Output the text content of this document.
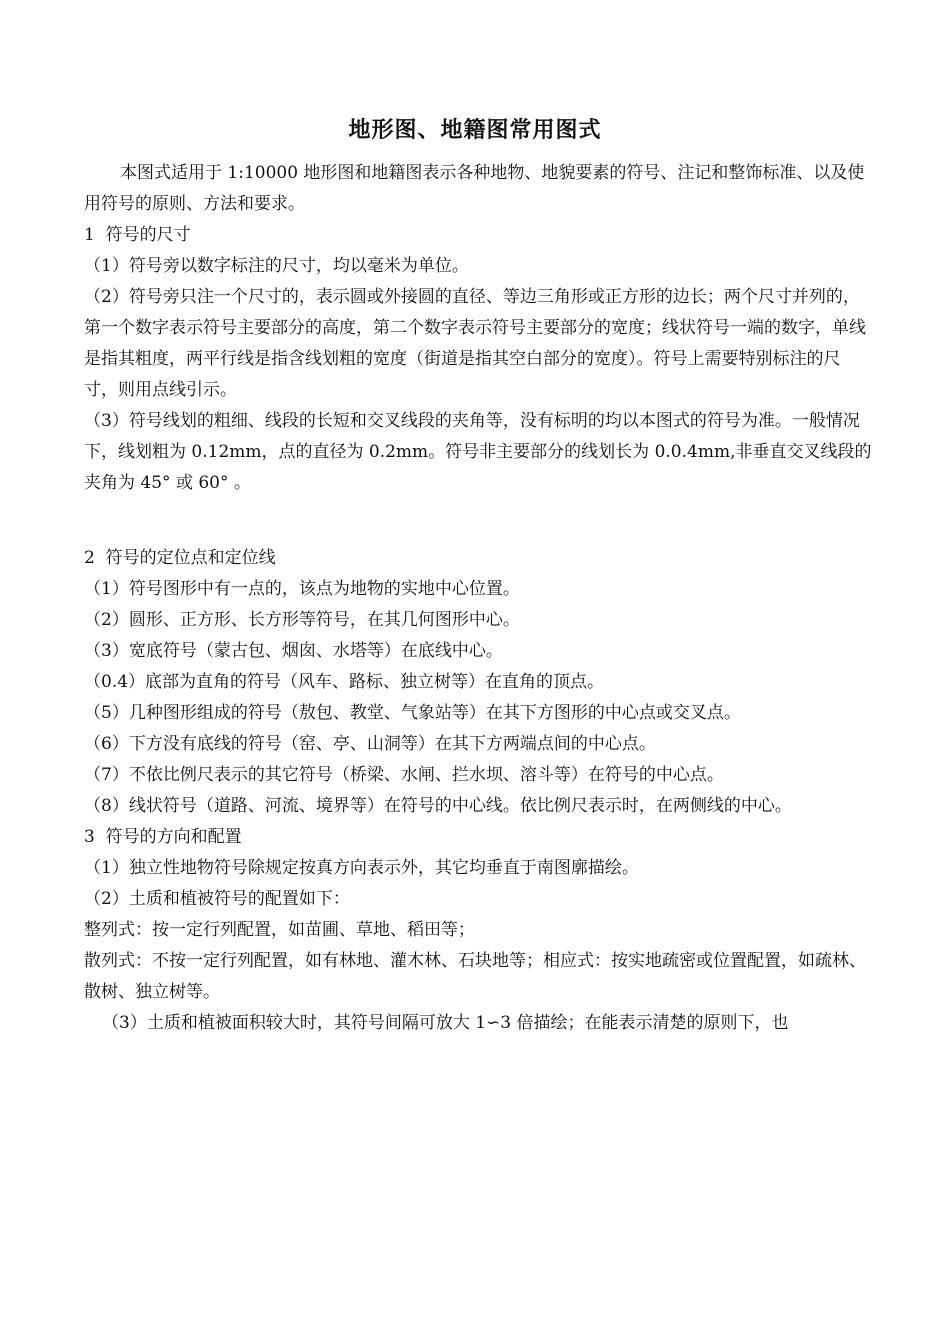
地形图、地籍图常用图式

本图式适用于 1:10000 地形图和地籍图表示各种地物、地貌要素的符号、注记和整饰标准、以及使用符号的原则、方法和要求。

1  符号的尺寸

（1）符号旁以数字标注的尺寸，均以毫米为单位。

（2）符号旁只注一个尺寸的，表示圆或外接圆的直径、等边三角形或正方形的边长；两个尺寸并列的，第一个数字表示符号主要部分的高度，第二个数字表示符号主要部分的宽度；线状符号一端的数字，单线是指其粗度，两平行线是指含线划粗的宽度（街道是指其空白部分的宽度）。符号上需要特别标注的尺寸，则用点线引示。

（3）符号线划的粗细、线段的长短和交叉线段的夹角等，没有标明的均以本图式的符号为准。一般情况下，线划粗为 0.12mm，点的直径为 0.2mm。符号非主要部分的线划长为 0.0.4mm,非垂直交叉线段的夹角为 45° 或 60° 。

2  符号的定位点和定位线

（1）符号图形中有一点的，该点为地物的实地中心位置。

（2）圆形、正方形、长方形等符号，在其几何图形中心。

（3）宽底符号（蒙古包、烟囱、水塔等）在底线中心。

（0.4）底部为直角的符号（风车、路标、独立树等）在直角的顶点。

（5）几种图形组成的符号（敖包、教堂、气象站等）在其下方图形的中心点或交叉点。

（6）下方没有底线的符号（窑、亭、山洞等）在其下方两端点间的中心点。

（7）不依比例尺表示的其它符号（桥梁、水闸、拦水坝、溶斗等）在符号的中心点。

（8）线状符号（道路、河流、境界等）在符号的中心线。依比例尺表示时，在两侧线的中心。

3  符号的方向和配置

（1）独立性地物符号除规定按真方向表示外，其它均垂直于南图廓描绘。

（2）土质和植被符号的配置如下：

整列式：按一定行列配置，如苗圃、草地、稻田等；

散列式：不按一定行列配置，如有林地、灌木林、石块地等；相应式：按实地疏密或位置配置，如疏林、散树、独立树等。

（3）土质和植被面积较大时，其符号间隔可放大 1∽3 倍描绘；在能表示清楚的原则下，也
